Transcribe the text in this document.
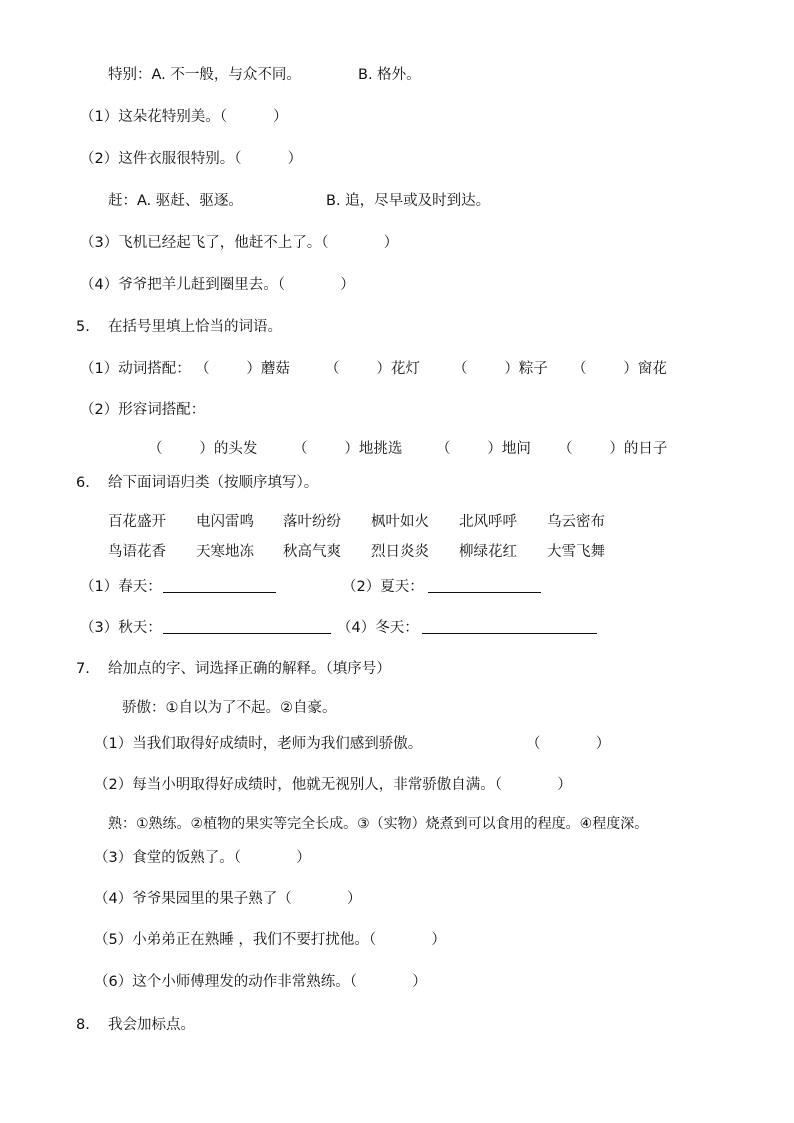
特别：A. 不一般，与众不同。	B. 格外。
（1）这朵花特别美。（          ）
（2）这件衣服很特别。（          ）
赶：A. 驱赶、驱逐。	B. 追，尽早或及时到达。
（3）飞机已经起飞了，他赶不上了。（            ）
（4）爷爷把羊儿赶到圈里去。（            ）
5. 在括号里填上恰当的词语。
（1）动词搭配： （        ）蘑菇 （        ）花灯 （        ）粽子 （        ）窗花
（2）形容词搭配：
（        ）的头发 （        ）地挑选 （        ）地问 （        ）的日子
6. 给下面词语归类（按顺序填写）。
百花盛开 电闪雷鸣 落叶纷纷 枫叶如火 北风呼呼 乌云密布
鸟语花香 天寒地冻 秋高气爽 烈日炎炎 柳绿花红 大雪飞舞
（1）春天：	（2）夏天：
（3）秋天：	（4）冬天：
7. 给加点的字、词选择正确的解释。（填序号）
骄傲：①自以为了不起。②自豪。
（1）当我们取得好成绩时，老师为我们感到骄傲。	（            ）
（2）每当小明取得好成绩时，他就无视别人，非常骄傲自满。（            ）
熟：①熟练。②植物的果实等完全长成。③（实物）烧煮到可以食用的程度。④程度深。
（3）食堂的饭熟了。（            ）
（4）爷爷果园里的果子熟了（            ）
（5）小弟弟正在熟睡 ，我们不要打扰他。（            ）
（6）这个小师傅理发的动作非常熟练。（            ）
8. 我会加标点。
